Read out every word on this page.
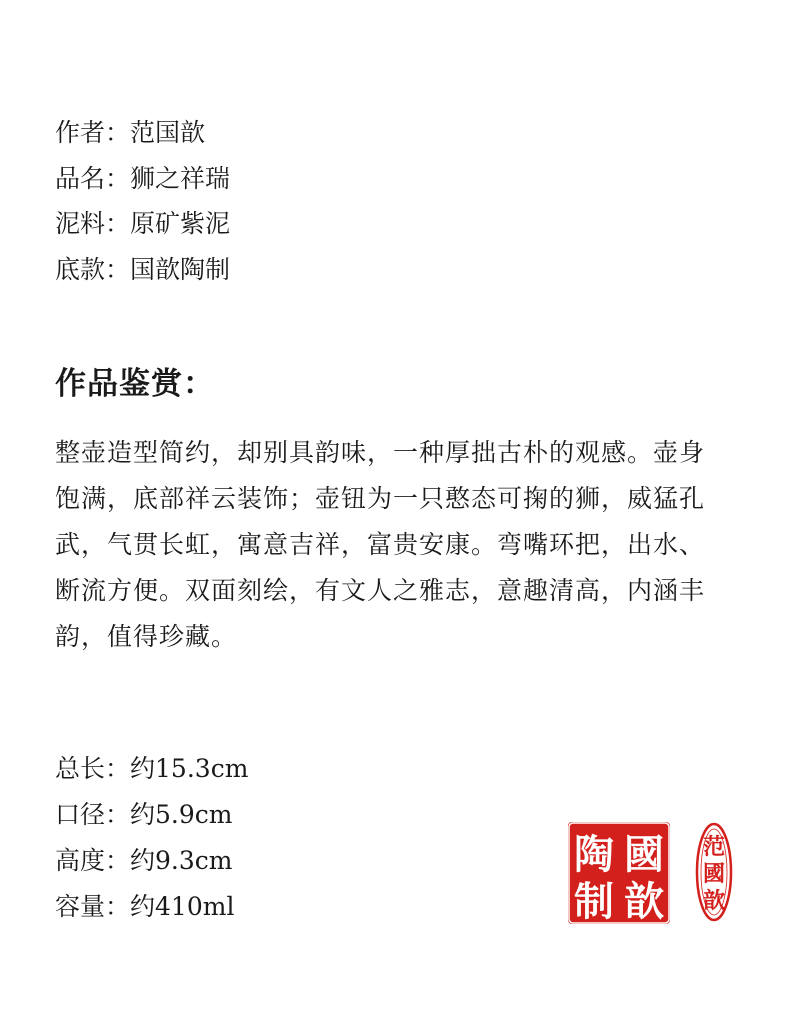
作者：范国歆
品名：狮之祥瑞
泥料：原矿紫泥
底款：国歆陶制
作品鉴赏：

整壶造型简约，却别具韵味，一种厚拙古朴的观感。壶身饱满，底部祥云装饰；壶钮为一只憨态可掬的狮，威猛孔武，气贯长虹，寓意吉祥，富贵安康。弯嘴环把，出水、断流方便。双面刻绘，有文人之雅志，意趣清高，内涵丰韵，值得珍藏。

总长：约15.3cm
口径：约5.9cm
高度：约9.3cm
容量：约410ml
國
歆
陶
制
范
國
歆
